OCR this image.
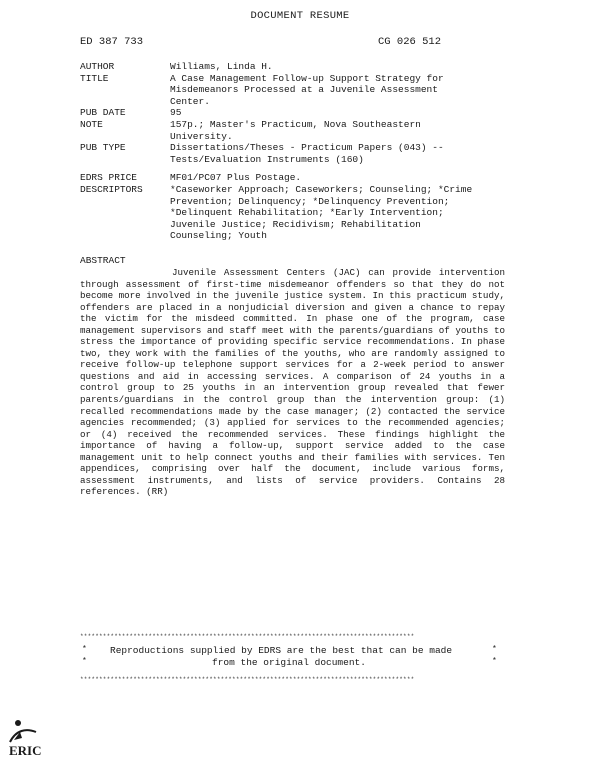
DOCUMENT RESUME
ED 387 733	CG 026 512
AUTHOR	Williams, Linda H.
TITLE	A Case Management Follow-up Support Strategy for
Misdemeanors Processed at a Juvenile Assessment
Center.
PUB DATE	95
NOTE	157p.; Master's Practicum, Nova Southeastern
University.
PUB TYPE	Dissertations/Theses - Practicum Papers (043) --
Tests/Evaluation Instruments (160)
EDRS PRICE	MF01/PC07 Plus Postage.
DESCRIPTORS	*Caseworker Approach; Caseworkers; Counseling; *Crime
Prevention; Delinquency; *Delinquency Prevention;
*Delinquent Rehabilitation; *Early Intervention;
Juvenile Justice; Recidivism; Rehabilitation
Counseling; Youth
ABSTRACT

Juvenile Assessment Centers (JAC) can provide intervention through assessment of first-time misdemeanor offenders so that they do not become more involved in the juvenile justice system. In this practicum study, offenders are placed in a nonjudicial diversion and given a chance to repay the victim for the misdeed committed. In phase one of the program, case management supervisors and staff meet with the parents/guardians of youths to stress the importance of providing specific service recommendations. In phase two, they work with the families of the youths, who are randomly assigned to receive follow-up telephone support services for a 2-week period to answer questions and aid in accessing services. A comparison of 24 youths in a control group to 25 youths in an intervention group revealed that fewer parents/guardians in the control group than the intervention group: (1) recalled recommendations made by the case manager; (2) contacted the service agencies recommended; (3) applied for services to the recommended agencies; or (4) received the recommended services. These findings highlight the importance of having a follow-up, support service added to the case management unit to help connect youths and their families with services. Ten appendices, comprising over half the document, include various forms, assessment instruments, and lists of service providers. Contains 28 references. (RR)

****************************************************************************************
* Reproductions supplied by EDRS are the best that can be made	*
*	from the original document.	*
****************************************************************************************
ERIC
